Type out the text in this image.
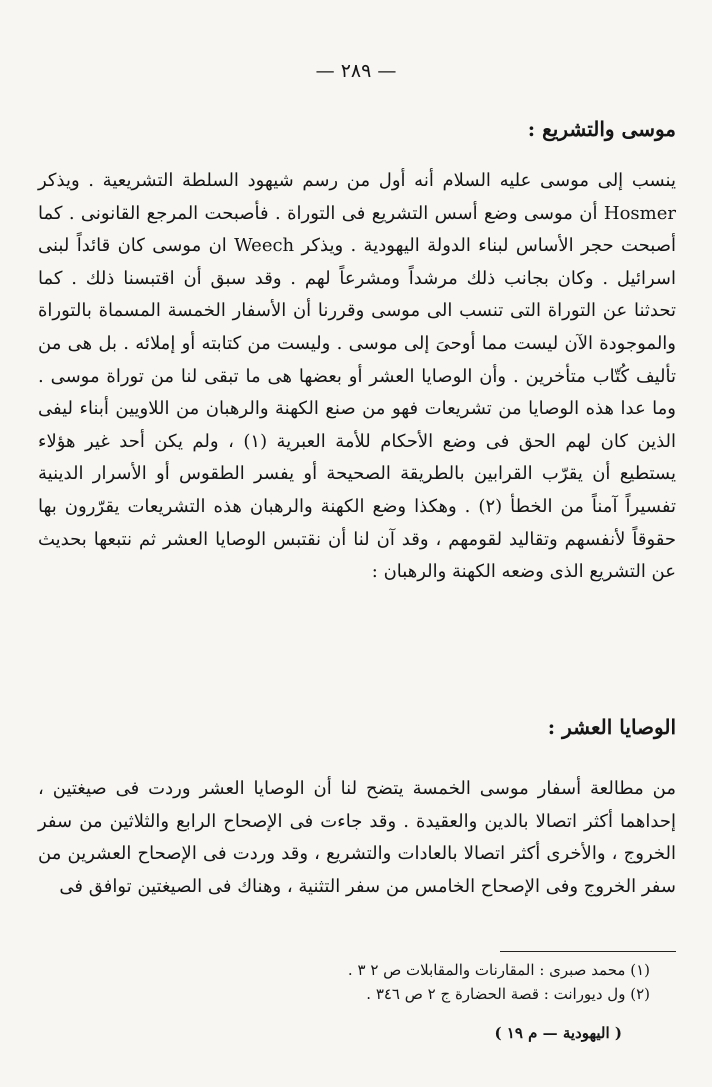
— ٢٨٩ —
موسى والتشريع :

ينسب إلى موسى عليه السلام أنه أول من رسم شيهود السلطة التشريعية . ويذكر Hosmer أن موسى وضع أسس التشريع فى التوراة . فأصبحت المرجع القانونى . كما أصبحت حجر الأساس لبناء الدولة اليهودية . ويذكر Weech ان موسى كان قائداً لبنى اسرائيل . وكان بجانب ذلك مرشداً ومشرعاً لهم . وقد سبق أن اقتبسنا ذلك . كما تحدثنا عن التوراة التى تنسب الى موسى وقررنا أن الأسفار الخمسة المسماة بالتوراة والموجودة الآن ليست مما أوحىَ إلى موسى . وليست من كتابته أو إملائه . بل هى من تأليف كُتّاب متأخرين . وأن الوصايا العشر أو بعضها هى ما تبقى لنا من توراة موسى . وما عدا هذه الوصايا من تشريعات فهو من صنع الكهنة والرهبان من اللاويين أبناء ليفى الذين كان لهم الحق فى وضع الأحكام للأمة العبرية (١) ، ولم يكن أحد غير هؤلاء يستطيع أن يقرّب القرابين بالطريقة الصحيحة أو يفسر الطقوس أو الأسرار الدينية تفسيراً آمناً من الخطأ (٢) . وهكذا وضع الكهنة والرهبان هذه التشريعات يقرّرون بها حقوقاً لأنفسهم وتقاليد لقومهم ، وقد آن لنا أن نقتبس الوصايا العشر ثم نتبعها بحديث عن التشريع الذى وضعه الكهنة والرهبان :

الوصايا العشر :

من مطالعة أسفار موسى الخمسة يتضح لنا أن الوصايا العشر وردت فى صيغتين ، إحداهما أكثر اتصالا بالدين والعقيدة . وقد جاءت فى الإصحاح الرابع والثلاثين من سفر الخروج ، والأخرى أكثر اتصالا بالعادات والتشريع ، وقد وردت فى الإصحاح العشرين من سفر الخروج وفى الإصحاح الخامس من سفر التثنية ، وهناك فى الصيغتين توافق فى

(١) محمد صبرى : المقارنات والمقابلات ص ٢ ٣ .
(٢) ول ديورانت : قصة الحضارة ج ٢ ص ٣٤٦ .
( اليهودية — م ١٩ )
